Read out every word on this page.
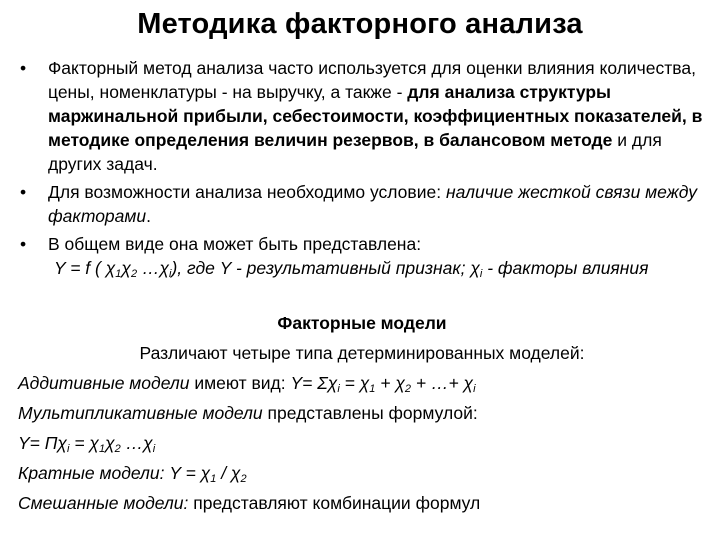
Методика факторного анализа
• Факторный метод анализа часто используется для оценки влияния количества, цены, номенклатуры - на выручку, а также - для анализа структуры маржинальной прибыли, себестоимости, коэффициентных показателей, в методике определения величин резервов, в балансовом методе и для других задач.
• Для возможности анализа необходимо условие: наличие жесткой связи между факторами.
• В общем виде она может быть представлена:
Y = f ( $\chi_1\chi_2$ $\dots\chi_i$), где Y - результативный признак; $\chi_i$ - факторы влияния
Факторные модели
Различают четыре типа детерминированных моделей:
Аддитивные модели имеют вид: $Y= \Sigma\chi_i = \chi_1 + \chi_2$ + …+ $\chi_i$
Мультипликативные модели представлены формулой:
$Y= П\chi_i = \chi_1\chi_2$ $\dots\chi_i$
Кратные модели: $Y = \chi_1 / \chi_2$
Смешанные модели: представляют комбинации формул
